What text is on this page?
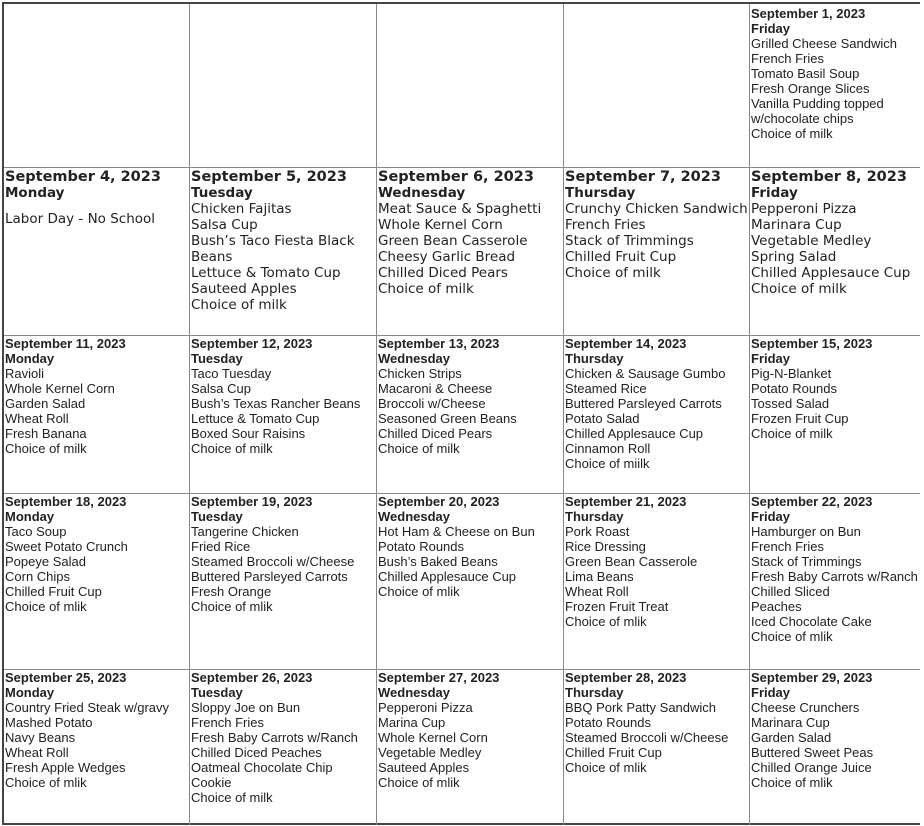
September 1, 2023
Friday
Grilled Cheese Sandwich
French Fries
Tomato Basil Soup
Fresh Orange Slices
Vanilla Pudding topped w/chocolate chips
Choice of milk
September 4, 2023
Monday
Labor Day - No School
September 5, 2023
Tuesday
Chicken Fajitas
Salsa Cup
Bush’s Taco Fiesta Black Beans
Lettuce & Tomato Cup
Sauteed Apples
Choice of milk
September 6, 2023
Wednesday
Meat Sauce & Spaghetti
Whole Kernel Corn
Green Bean Casserole
Cheesy Garlic Bread
Chilled Diced Pears
Choice of milk
September 7, 2023
Thursday
Crunchy Chicken Sandwich
French Fries
Stack of Trimmings
Chilled Fruit Cup
Choice of milk
September 8, 2023
Friday
Pepperoni Pizza
Marinara Cup
Vegetable Medley
Spring Salad
Chilled Applesauce Cup
Choice of milk
September 11, 2023
Monday
Ravioli
Whole Kernel Corn
Garden Salad
Wheat Roll
Fresh Banana
Choice of milk
September 12, 2023
Tuesday
Taco Tuesday
Salsa Cup
Bush’s Texas Rancher Beans
Lettuce & Tomato Cup
Boxed Sour Raisins
Choice of milk
September 13, 2023
Wednesday
Chicken Strips
Macaroni & Cheese
Broccoli w/Cheese
Seasoned Green Beans
Chilled Diced Pears
Choice of milk
September 14, 2023
Thursday
Chicken & Sausage Gumbo
Steamed Rice
Buttered Parsleyed Carrots
Potato Salad
Chilled Applesauce Cup
Cinnamon Roll
Choice of miilk
September 15, 2023
Friday
Pig-N-Blanket
Potato Rounds
Tossed Salad
Frozen Fruit Cup
Choice of milk
September 18, 2023
Monday
Taco Soup
Sweet Potato Crunch
Popeye Salad
Corn Chips
Chilled Fruit Cup
Choice of mlik
September 19, 2023
Tuesday
Tangerine Chicken
Fried Rice
Steamed Broccoli w/Cheese
Buttered Parsleyed Carrots
Fresh Orange
Choice of mlik
September 20, 2023
Wednesday
Hot Ham & Cheese on Bun
Potato Rounds
Bush’s Baked Beans
Chilled Applesauce Cup
Choice of mlik
September 21, 2023
Thursday
Pork Roast
Rice Dressing
Green Bean Casserole
Lima Beans
Wheat Roll
Frozen Fruit Treat
Choice of mlik
September 22, 2023
Friday
Hamburger on Bun
French Fries
Stack of Trimmings
Fresh Baby Carrots w/Ranch
Chilled Sliced
Peaches
Iced Chocolate Cake
Choice of mlik
September 25, 2023
Monday
Country Fried Steak w/gravy
Mashed Potato
Navy Beans
Wheat Roll
Fresh Apple Wedges
Choice of mlik
September 26, 2023
Tuesday
Sloppy Joe on Bun
French Fries
Fresh Baby Carrots w/Ranch
Chilled Diced Peaches
Oatmeal Chocolate Chip
Cookie
Choice of milk
September 27, 2023
Wednesday
Pepperoni Pizza
Marina Cup
Whole Kernel Corn
Vegetable Medley
Sauteed Apples
Choice of mlik
September 28, 2023
Thursday
BBQ Pork Patty Sandwich
Potato Rounds
Steamed Broccoli w/Cheese
Chilled Fruit Cup
Choice of mlik
September 29, 2023
Friday
Cheese Crunchers
Marinara Cup
Garden Salad
Buttered Sweet Peas
Chilled Orange Juice
Choice of mlik
